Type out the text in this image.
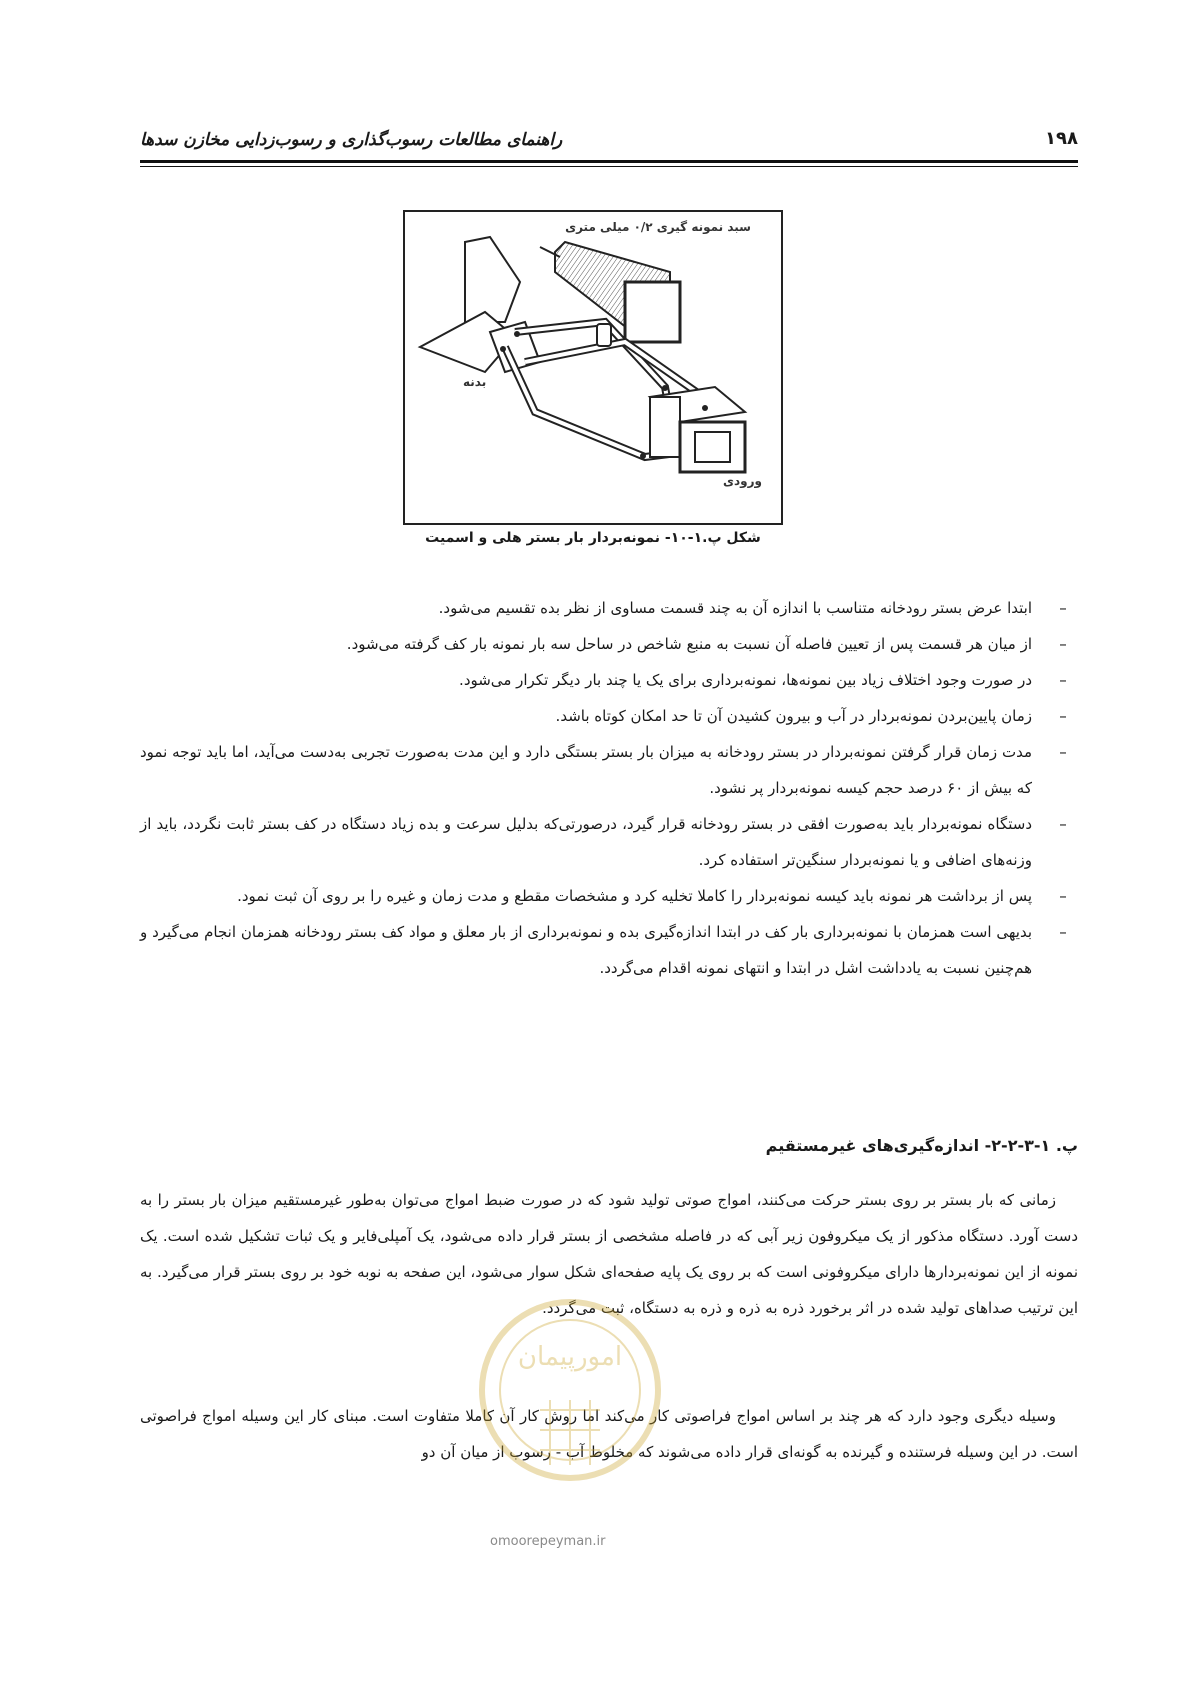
۱۹۸
راهنمای مطالعات رسوب‌گذاری و رسوب‌زدایی مخازن سدها
سبد نمونه گیری ۰/۲ میلی متری
بدنه
ورودی
شکل پ.۱-۱۰- نمونه‌بردار بار بستر هلی و اسمیت
–
ابتدا عرض بستر رودخانه متناسب با اندازه آن به چند قسمت مساوی از نظر بده تقسیم می‌شود.
–
از میان هر قسمت پس از تعیین فاصله آن نسبت به منبع شاخص در ساحل سه بار نمونه بار کف گرفته می‌شود.
–
در صورت وجود اختلاف زیاد بین نمونه‌ها، نمونه‌برداری برای یک یا چند بار دیگر تکرار می‌شود.
–
زمان پایین‌بردن نمونه‌بردار در آب و بیرون کشیدن آن تا حد امکان کوتاه باشد.
–
مدت زمان قرار گرفتن نمونه‌بردار در بستر رودخانه به میزان بار بستر بستگی دارد و این مدت به‌صورت تجربی به‌دست می‌آید، اما باید توجه نمود که بیش از ۶۰ درصد حجم کیسه نمونه‌بردار پر نشود.
–
دستگاه نمونه‌بردار باید به‌صورت افقی در بستر رودخانه قرار گیرد، درصورتی‌که بدلیل سرعت و بده زیاد دستگاه در کف بستر ثابت نگردد، باید از وزنه‌های اضافی و یا نمونه‌بردار سنگین‌تر استفاده کرد.
–
پس از برداشت هر نمونه باید کیسه نمونه‌بردار را کاملا تخلیه کرد و مشخصات مقطع و مدت زمان و غیره را بر روی آن ثبت نمود.
–
بدیهی است همزمان با نمونه‌برداری بار کف در ابتدا اندازه‌گیری بده و نمونه‌برداری از بار معلق و مواد کف بستر رودخانه همزمان انجام می‌گیرد و هم‌چنین نسبت به یادداشت اشل در ابتدا و انتهای نمونه اقدام می‌گردد.
پ. ۱-۳-۲-۲- اندازه‌گیری‌های غیرمستقیم

زمانی که بار بستر بر روی بستر حرکت می‌کنند، امواج صوتی تولید شود که در صورت ضبط امواج می‌توان به‌طور غیرمستقیم میزان بار بستر را به دست آورد. دستگاه مذکور از یک میکروفون زیر آبی که در فاصله مشخصی از بستر قرار داده می‌شود، یک آمپلی‌فایر و یک ثبات تشکیل شده است. یک نمونه از این نمونه‌بردارها دارای میکروفونی است که بر روی یک پایه صفحه‌ای شکل سوار می‌شود، این صفحه به نوبه خود بر روی بستر قرار می‌گیرد. به این ترتیب صداهای تولید شده در اثر برخورد ذره به ذره و ذره به دستگاه، ثبت می‌گردد.

وسیله دیگری وجود دارد که هر چند بر اساس امواج فراصوتی کار می‌کند اما روش کار آن کاملا متفاوت است. مبنای کار این وسیله امواج فراصوتی است. در این وسیله فرستنده و گیرنده به گونه‌ای قرار داده می‌شوند که مخلوط آب - رسوب از میان آن دو

امورپیمان
omoorepeyman.ir
